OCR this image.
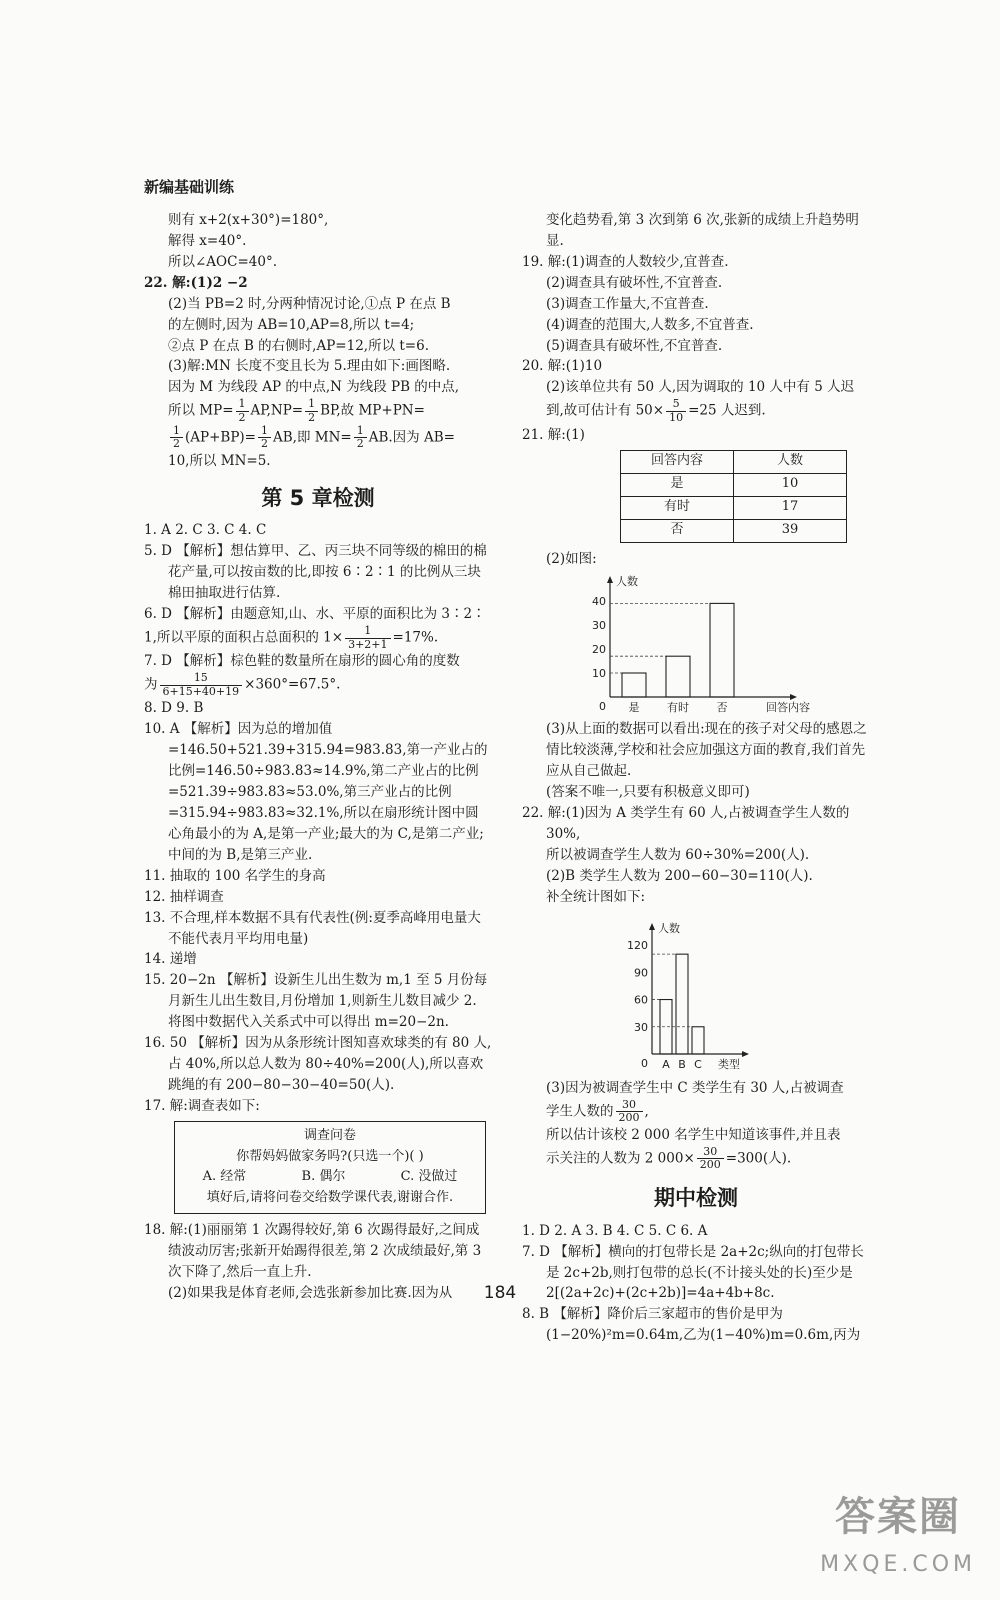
新编基础训练

则有 x+2(x+30°)=180°,

解得 x=40°.

所以∠AOC=40°.

22. 解:(1)2 −2

(2)当 PB=2 时,分两种情况讨论,①点 P 在点 B

的左侧时,因为 AB=10,AP=8,所以 t=4;

②点 P 在点 B 的右侧时,AP=12,所以 t=6.

(3)解:MN 长度不变且长为 5.理由如下:画图略.

因为 M 为线段 AP 的中点,N 为线段 PB 的中点,

所以 $MP= \frac{1}{2} AP,NP= \frac{1}{2}$ BP,故 MP+PN=

$\frac{1}{2} (AP+BP)= \frac{1}{2}$ AB,即 $MN= \frac{1}{2}$ AB.因为 AB=

10,所以 MN=5.

第 5 章检测

1. A 2. C 3. C 4. C

5. D 【解析】想估算甲、乙、丙三块不同等级的棉田的棉花产量,可以按亩数的比,即按 6∶2∶1 的比例从三块棉田抽取进行估算.

6. D 【解析】由题意知,山、水、平原的面积比为 3∶2∶

1,所以平原的面积占总面积的 $1\times \frac{1}{3+2+1} =17\%$.

7. D 【解析】棕色鞋的数量所在扇形的圆心角的度数

为 $\frac{15}{6+15+40+19} \times 360^\circ=67.5^\circ$.

8. D 9. B

10. A 【解析】因为总的增加值=146.50+521.39+315.94=983.83,第一产业占的比例=146.50÷983.83≈14.9%,第二产业占的比例=521.39÷983.83≈53.0%,第三产业占的比例=315.94÷983.83≈32.1%,所以在扇形统计图中圆心角最小的为 A,是第一产业;最大的为 C,是第二产业;中间的为 B,是第三产业.

11. 抽取的 100 名学生的身高

12. 抽样调查

13. 不合理,样本数据不具有代表性(例:夏季高峰用电量大不能代表月平均用电量)

14. 递增

15. 20−2n 【解析】设新生儿出生数为 m,1 至 5 月份每月新生儿出生数目,月份增加 1,则新生儿数目减少 2.

将图中数据代入关系式中可以得出 m=20−2n.

16. 50 【解析】因为从条形统计图知喜欢球类的有 80 人,占 40%,所以总人数为 80÷40%=200(人),所以喜欢跳绳的有 200−80−30−40=50(人).

17. 解:调查表如下:

调查问卷
你帮妈妈做家务吗?(只选一个)( )
A. 经常	B. 偶尔	C. 没做过
填好后,请将问卷交给数学课代表,谢谢合作.

18. 解:(1)丽丽第 1 次踢得较好,第 6 次踢得最好,之间成绩波动厉害;张新开始踢得很差,第 2 次成绩最好,第 3 次下降了,然后一直上升.

(2)如果我是体育老师,会选张新参加比赛.因为从

变化趋势看,第 3 次到第 6 次,张新的成绩上升趋势明显.

19. 解:(1)调查的人数较少,宜普查.

(2)调查具有破坏性,不宜普查.

(3)调查工作量大,不宜普查.

(4)调查的范围大,人数多,不宜普查.

(5)调查具有破坏性,不宜普查.

20. 解:(1)10

(2)该单位共有 50 人,因为调取的 10 人中有 5 人迟

到,故可估计有 $50\times \frac{5}{10} =25$ 人迟到.

21. 解:(1)

回答内容	人数
是	10
有时	17
否	39

(2)如图:

人数
回答内容
0
10
20
30
40
是	有时	否

(3)从上面的数据可以看出:现在的孩子对父母的感恩之情比较淡薄,学校和社会应加强这方面的教育,我们首先应从自己做起.

(答案不唯一,只要有积极意义即可)

22. 解:(1)因为 A 类学生有 60 人,占被调查学生人数的 30%,

所以被调查学生人数为 60÷30%=200(人).

(2)B 类学生人数为 200−60−30=110(人).

补全统计图如下:

人数
类型
0
30
60
90
120
A B C

(3)因为被调查学生中 C 类学生有 30 人,占被调查

学生人数的 $\frac{30}{200}$ ,

所以估计该校 2 000 名学生中知道该事件,并且表

示关注的人数为 2 $000\times \frac{30}{200} =300$(人).

期中检测

1. D 2. A 3. B 4. C 5. C 6. A

7. D 【解析】横向的打包带长是 2a+2c;纵向的打包带长是 2c+2b,则打包带的总长(不计接头处的长)至少是 2[(2a+2c)+(2c+2b)]=4a+4b+8c.

8. B 【解析】降价后三家超市的售价是甲为(1−20%)²m=0.64m,乙为(1−40%)m=0.6m,丙为

184
答案圈
MXQE.COM
